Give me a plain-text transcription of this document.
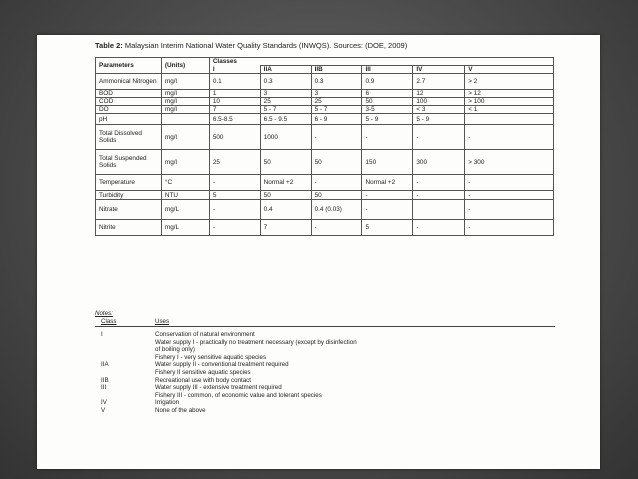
Table 2: Malaysian Interim National Water Quality Standards (INWQS). Sources: (DOE, 2009)
Parameters	(Units)	Classes					
		I	IIA	IIB	III	IV	V
Ammonical Nitrogen	mg/l	0.1	0.3	0.3	0.9	2.7	> 2
BOD	mg/l	1	3	3	6	12	> 12
COD	mg/l	10	25	25	50	100	> 100
DO	mg/l	7	5 - 7	5 - 7	3-5	< 3	< 1
pH		6.5-8.5	6.5 - 9.5	6 - 9	5 - 9	5 - 9	
Total Dissolved Solids	mg/l	500	1000	-	-	-	-
Total Suspended Solids	mg/l	25	50	50	150	300	> 300
Temperature	°C	-	Normal +2	-	Normal +2	-	-
Turbidity	NTU	5	50	50	-	-	-
Nitrate	mg/L	-	0.4	0.4 (0.03)	-		-
Nitrite	mg/L	-	7	-	5	-	-
Notes:
Class	Uses
I	Conservation of natural environment
Water supply I - practically no treatment necessary (except by disinfection
of boiling only)
Fishery I - very sensitive aquatic species
IIA	Water supply II - conventional treatment required
Fishery II sensitive aquatic species
IIB	Recreational use with body contact
III	Water supply III - extensive treatment required
Fishery III - common, of economic value and tolerant species
IV	Irrigation
V	None of the above
